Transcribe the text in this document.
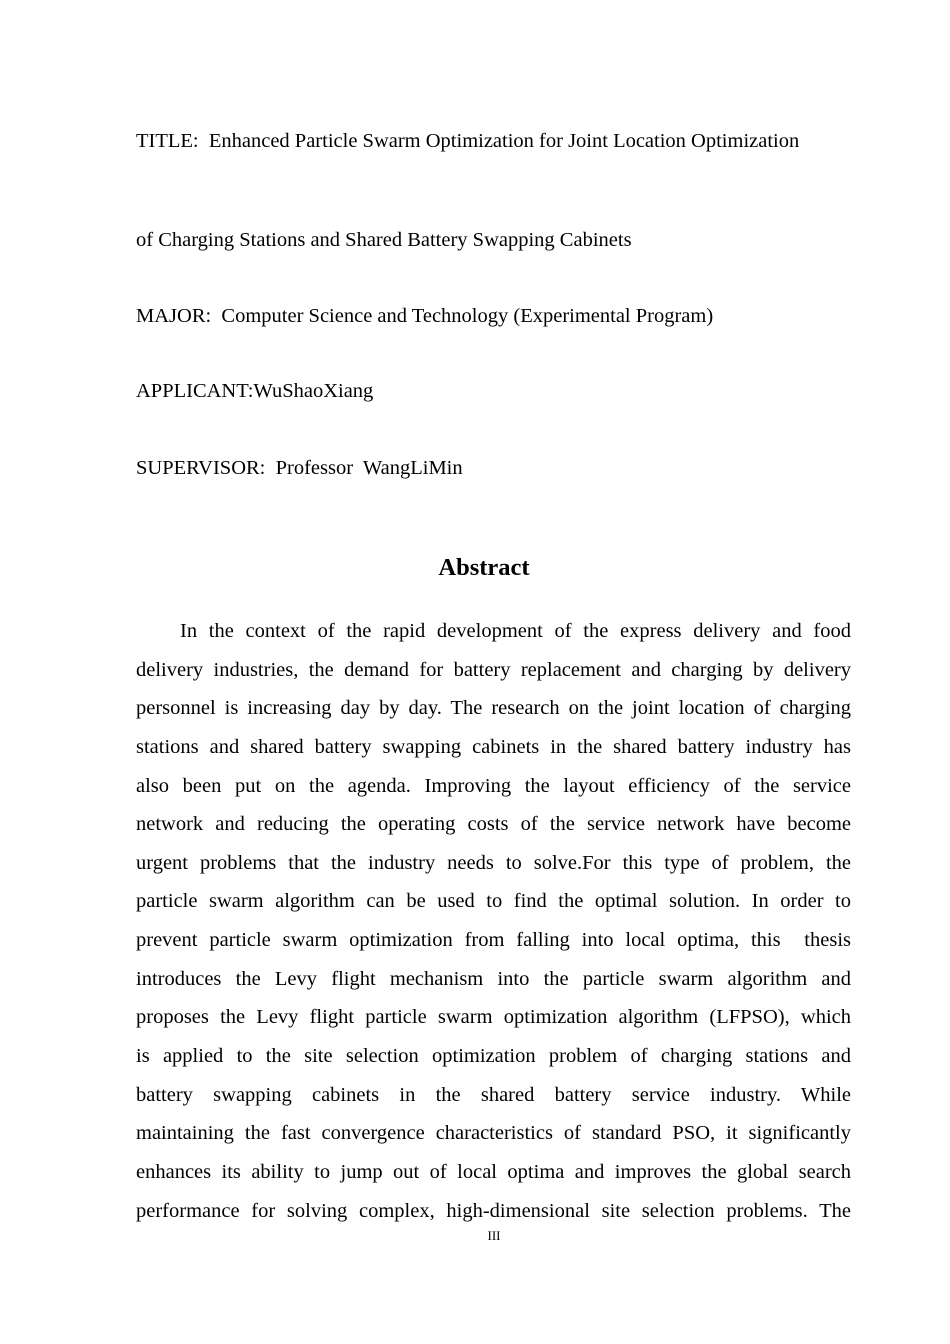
TITLE:  Enhanced Particle Swarm Optimization for Joint Location Optimization
of Charging Stations and Shared Battery Swapping Cabinets
MAJOR:  Computer Science and Technology (Experimental Program)
APPLICANT:WuShaoXiang
SUPERVISOR:  Professor  WangLiMin
Abstract
In the context of the rapid development of the express delivery and food
delivery industries, the demand for battery replacement and charging by delivery
personnel is increasing day by day. The research on the joint location of charging
stations and shared battery swapping cabinets in the shared battery industry has
also been put on the agenda. Improving the layout efficiency of the service
network and reducing the operating costs of the service network have become
urgent problems that the industry needs to solve.For this type of problem, the
particle swarm algorithm can be used to find the optimal solution. In order to
prevent particle swarm optimization from falling into local optima, this  thesis
introduces the Levy flight mechanism into the particle swarm algorithm and
proposes the Levy flight particle swarm optimization algorithm (LFPSO), which
is applied to the site selection optimization problem of charging stations and
battery swapping cabinets in the shared battery service industry. While
maintaining the fast convergence characteristics of standard PSO, it significantly
enhances its ability to jump out of local optima and improves the global search
performance for solving complex, high-dimensional site selection problems. The
III
